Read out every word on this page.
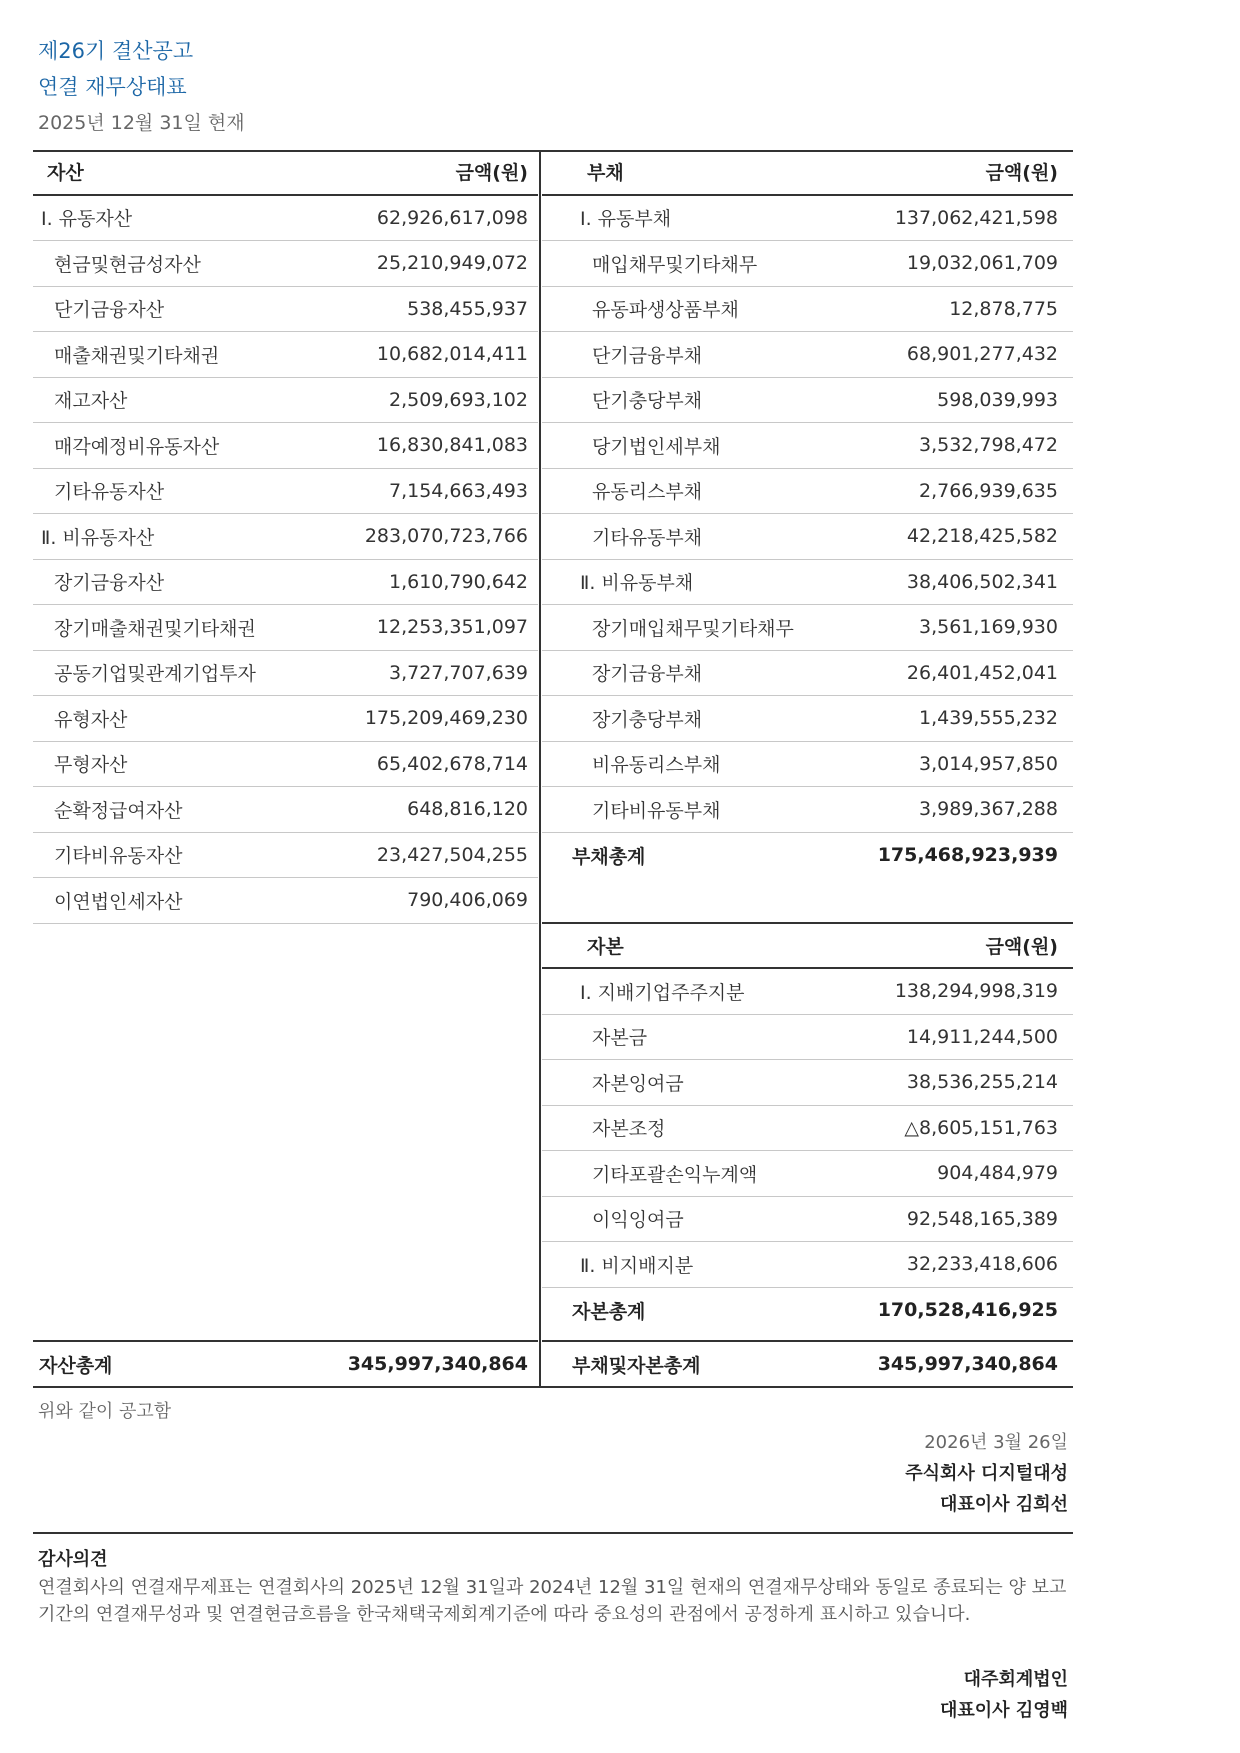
제26기 결산공고
연결 재무상태표
2025년 12월 31일 현재
자산	금액(원)
Ⅰ. 유동자산	62,926,617,098
현금및현금성자산	25,210,949,072
단기금융자산	538,455,937
매출채권및기타채권	10,682,014,411
재고자산	2,509,693,102
매각예정비유동자산	16,830,841,083
기타유동자산	7,154,663,493
Ⅱ. 비유동자산	283,070,723,766
장기금융자산	1,610,790,642
장기매출채권및기타채권	12,253,351,097
공동기업및관계기업투자	3,727,707,639
유형자산	175,209,469,230
무형자산	65,402,678,714
순확정급여자산	648,816,120
기타비유동자산	23,427,504,255
이연법인세자산	790,406,069
부채	금액(원)
Ⅰ. 유동부채	137,062,421,598
매입채무및기타채무	19,032,061,709
유동파생상품부채	12,878,775
단기금융부채	68,901,277,432
단기충당부채	598,039,993
당기법인세부채	3,532,798,472
유동리스부채	2,766,939,635
기타유동부채	42,218,425,582
Ⅱ. 비유동부채	38,406,502,341
장기매입채무및기타채무	3,561,169,930
장기금융부채	26,401,452,041
장기충당부채	1,439,555,232
비유동리스부채	3,014,957,850
기타비유동부채	3,989,367,288
부채총계	175,468,923,939
자본	금액(원)
Ⅰ. 지배기업주주지분	138,294,998,319
자본금	14,911,244,500
자본잉여금	38,536,255,214
자본조정	△8,605,151,763
기타포괄손익누계액	904,484,979
이익잉여금	92,548,165,389
Ⅱ. 비지배지분	32,233,418,606
자본총계	170,528,416,925
자산총계	345,997,340,864 부채및자본총계	345,997,340,864
위와 같이 공고함
2026년 3월 26일
주식회사 디지털대성
대표이사 김희선
감사의견
연결회사의 연결재무제표는 연결회사의 2025년 12월 31일과 2024년 12월 31일 현재의 연결재무상태와 동일로 종료되는 양 보고기간의 연결재무성과 및 연결현금흐름을 한국채택국제회계기준에 따라 중요성의 관점에서 공정하게 표시하고 있습니다.
대주회계법인
대표이사 김영백
